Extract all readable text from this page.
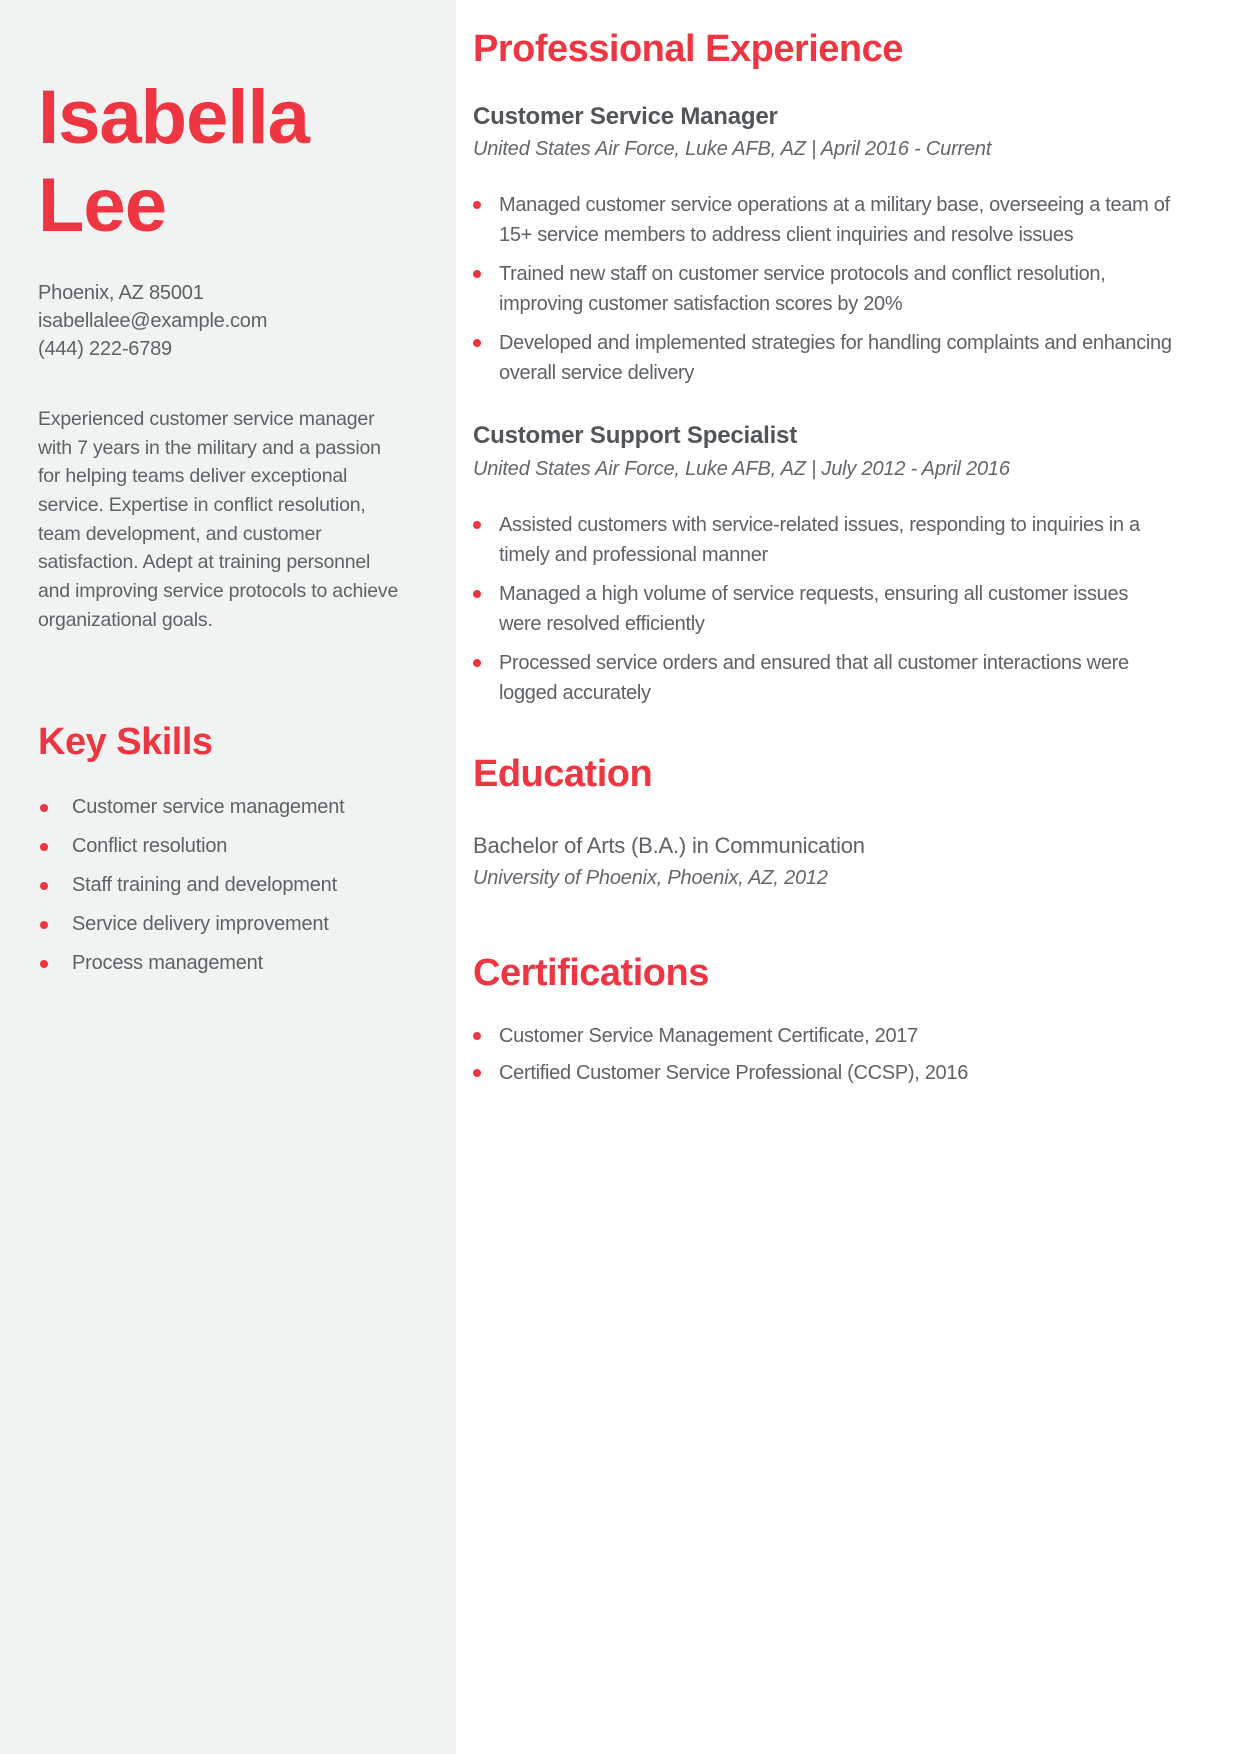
Isabella Lee
Phoenix, AZ 85001
isabellalee@example.com
(444) 222-6789

Experienced customer service manager with 7 years in the military and a passion for helping teams deliver exceptional service. Expertise in conflict resolution, team development, and customer satisfaction. Adept at training personnel and improving service protocols to achieve organizational goals.

Key Skills
Customer service management
Conflict resolution
Staff training and development
Service delivery improvement
Process management
Professional Experience
Customer Service Manager
United States Air Force, Luke AFB, AZ | April 2016 - Current
Managed customer service operations at a military base, overseeing a team of 15+ service members to address client inquiries and resolve issues
Trained new staff on customer service protocols and conflict resolution, improving customer satisfaction scores by 20%
Developed and implemented strategies for handling complaints and enhancing overall service delivery
Customer Support Specialist
United States Air Force, Luke AFB, AZ | July 2012 - April 2016
Assisted customers with service-related issues, responding to inquiries in a timely and professional manner
Managed a high volume of service requests, ensuring all customer issues were resolved efficiently
Processed service orders and ensured that all customer interactions were logged accurately
Education
Bachelor of Arts (B.A.) in Communication
University of Phoenix, Phoenix, AZ, 2012
Certifications
Customer Service Management Certificate, 2017
Certified Customer Service Professional (CCSP), 2016
